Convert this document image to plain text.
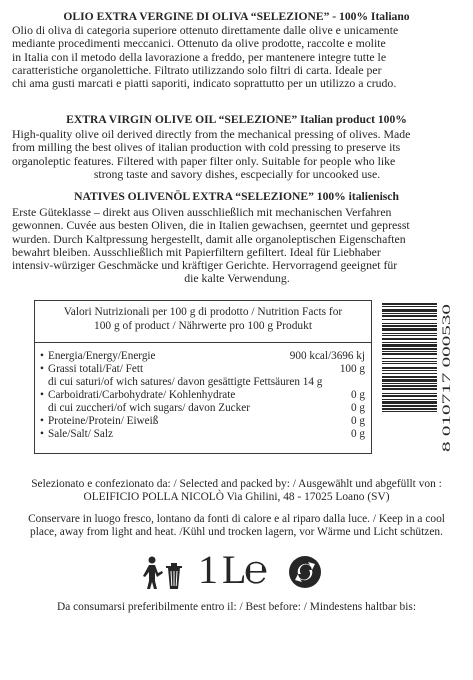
OLIO EXTRA VERGINE DI OLIVA “SELEZIONE” - 100% Italiano
Olio di oliva di categoria superiore ottenuto direttamente dalle olive e unicamente
mediante procedimenti meccanici. Ottenuto da olive prodotte, raccolte e molite
in Italia con il metodo della lavorazione a freddo, per mantenere integre tutte le
caratteristiche organolettiche. Filtrato utilizzando solo filtri di carta. Ideale per
chi ama gusti marcati e piatti saporiti, indicato soprattutto per un utilizzo a crudo.
EXTRA VIRGIN OLIVE OIL “SELEZIONE” Italian product 100%
High-quality olive oil derived directly from the mechanical pressing of olives. Made
from milling the best olives of italian production with cold pressing to preserve its
organoleptic features. Filtered with paper filter only. Suitable for people who like
strong taste and savory dishes, escpecially for uncooked use.
NATIVES OLIVENÖL EXTRA “SELEZIONE” 100% italienisch
Erste Güteklasse – direkt aus Oliven ausschließlich mit mechanischen Verfahren
gewonnen. Cuvée aus besten Oliven, die in Italien gewachsen, geerntet und gepresst
wurden. Durch Kaltpressung hergestellt, damit alle organoleptischen Eigenschaften
bewahrt bleiben. Ausschließlich mit Papierfiltern gefiltert. Ideal für Liebhaber
intensiv-würziger Geschmäcke und kräftiger Gerichte. Hervorragend geeignet für
die kalte Verwendung.
Valori Nutrizionali per 100 g di prodotto / Nutrition Facts for
100 g of product / Nährwerte pro 100 g Produkt
• Energia/Energy/Energie	900 kcal/3696 kj
• Grassi totali/Fat/ Fett	100 g
di cui saturi/of wich satures/ davon gesättigte Fettsäuren 14 g
• Carboidrati/Carbohydrate/ Kohlenhydrate	0 g
di cui zuccheri/of wich sugars/ davon Zucker	0 g
• Proteine/Protein/ Eiweiß	0 g
• Sale/Salt/ Salz	0 g	8 010717 000530
Selezionato e confezionato da: / Selected and packed by: / Ausgewählt und abgefüllt von :
OLEIFICIO POLLA NICOLÒ Via Ghilini, 48 - 17025 Loano (SV)
Conservare in luogo fresco, lontano da fonti di calore e al riparo dalla luce. / Keep in a cool
place, away from light and heat. /Kühl und trocken lagern, vor Wärme und Licht schützen.
1L
℮
Da consumarsi preferibilmente entro il: / Best before: / Mindestens haltbar bis:
